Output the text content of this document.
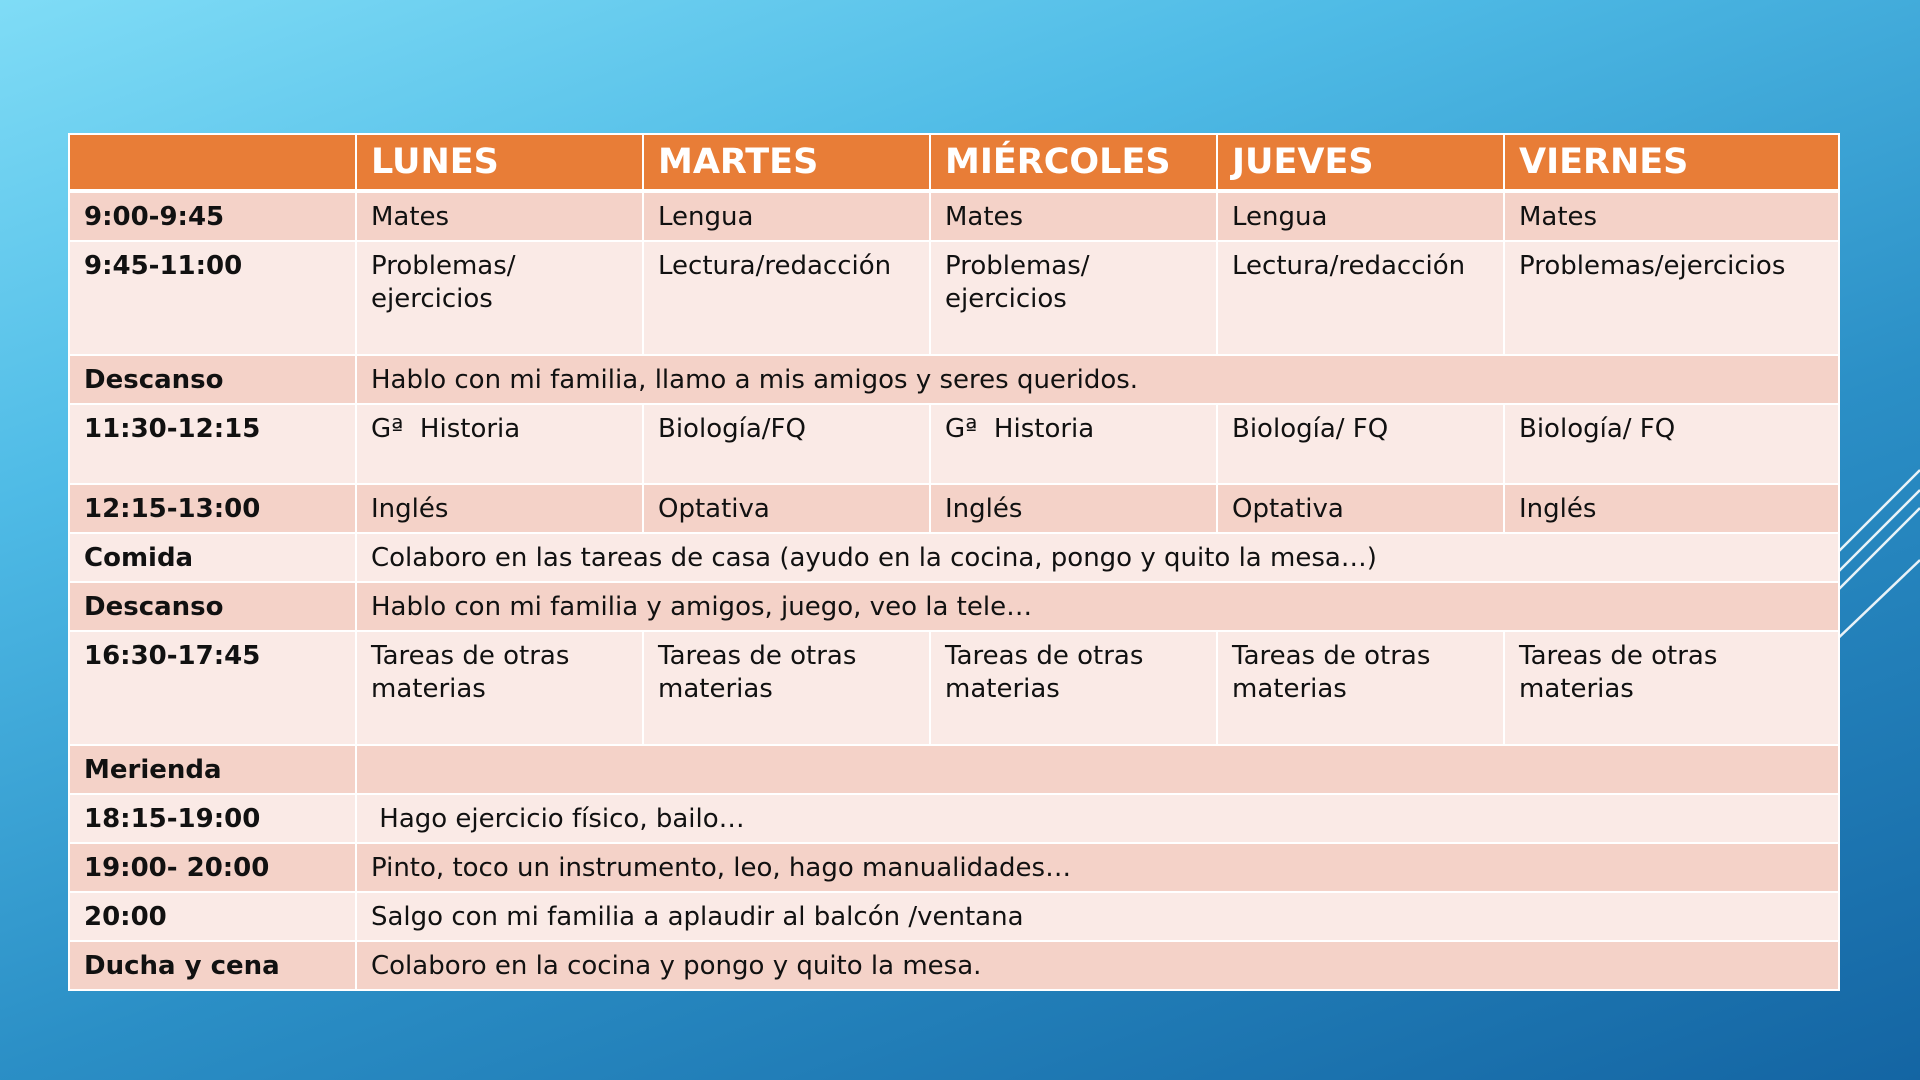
	LUNES	MARTES	MIÉRCOLES	JUEVES	VIERNES
9:00-9:45	Mates	Lengua	Mates	Lengua	Mates
9:45-11:00	Problemas/ ejercicios	Lectura/redacción	Problemas/ ejercicios	Lectura/redacción	Problemas/ejercicios
Descanso	Hablo con mi familia, llamo a mis amigos y seres queridos.				
11:30-12:15	Gª  Historia	Biología/FQ	Gª  Historia	Biología/ FQ	Biología/ FQ
12:15-13:00	Inglés	Optativa	Inglés	Optativa	Inglés
Comida	Colaboro en las tareas de casa (ayudo en la cocina, pongo y quito la mesa…)				
Descanso	Hablo con mi familia y amigos, juego, veo la tele…				
16:30-17:45	Tareas de otras materias	Tareas de otras materias	Tareas de otras materias	Tareas de otras materias	Tareas de otras materias
Merienda					
18:15-19:00	Hago ejercicio físico, bailo…				
19:00- 20:00	Pinto, toco un instrumento, leo, hago manualidades…				
20:00	Salgo con mi familia a aplaudir al balcón /ventana				
Ducha y cena	Colaboro en la cocina y pongo y quito la mesa.				
